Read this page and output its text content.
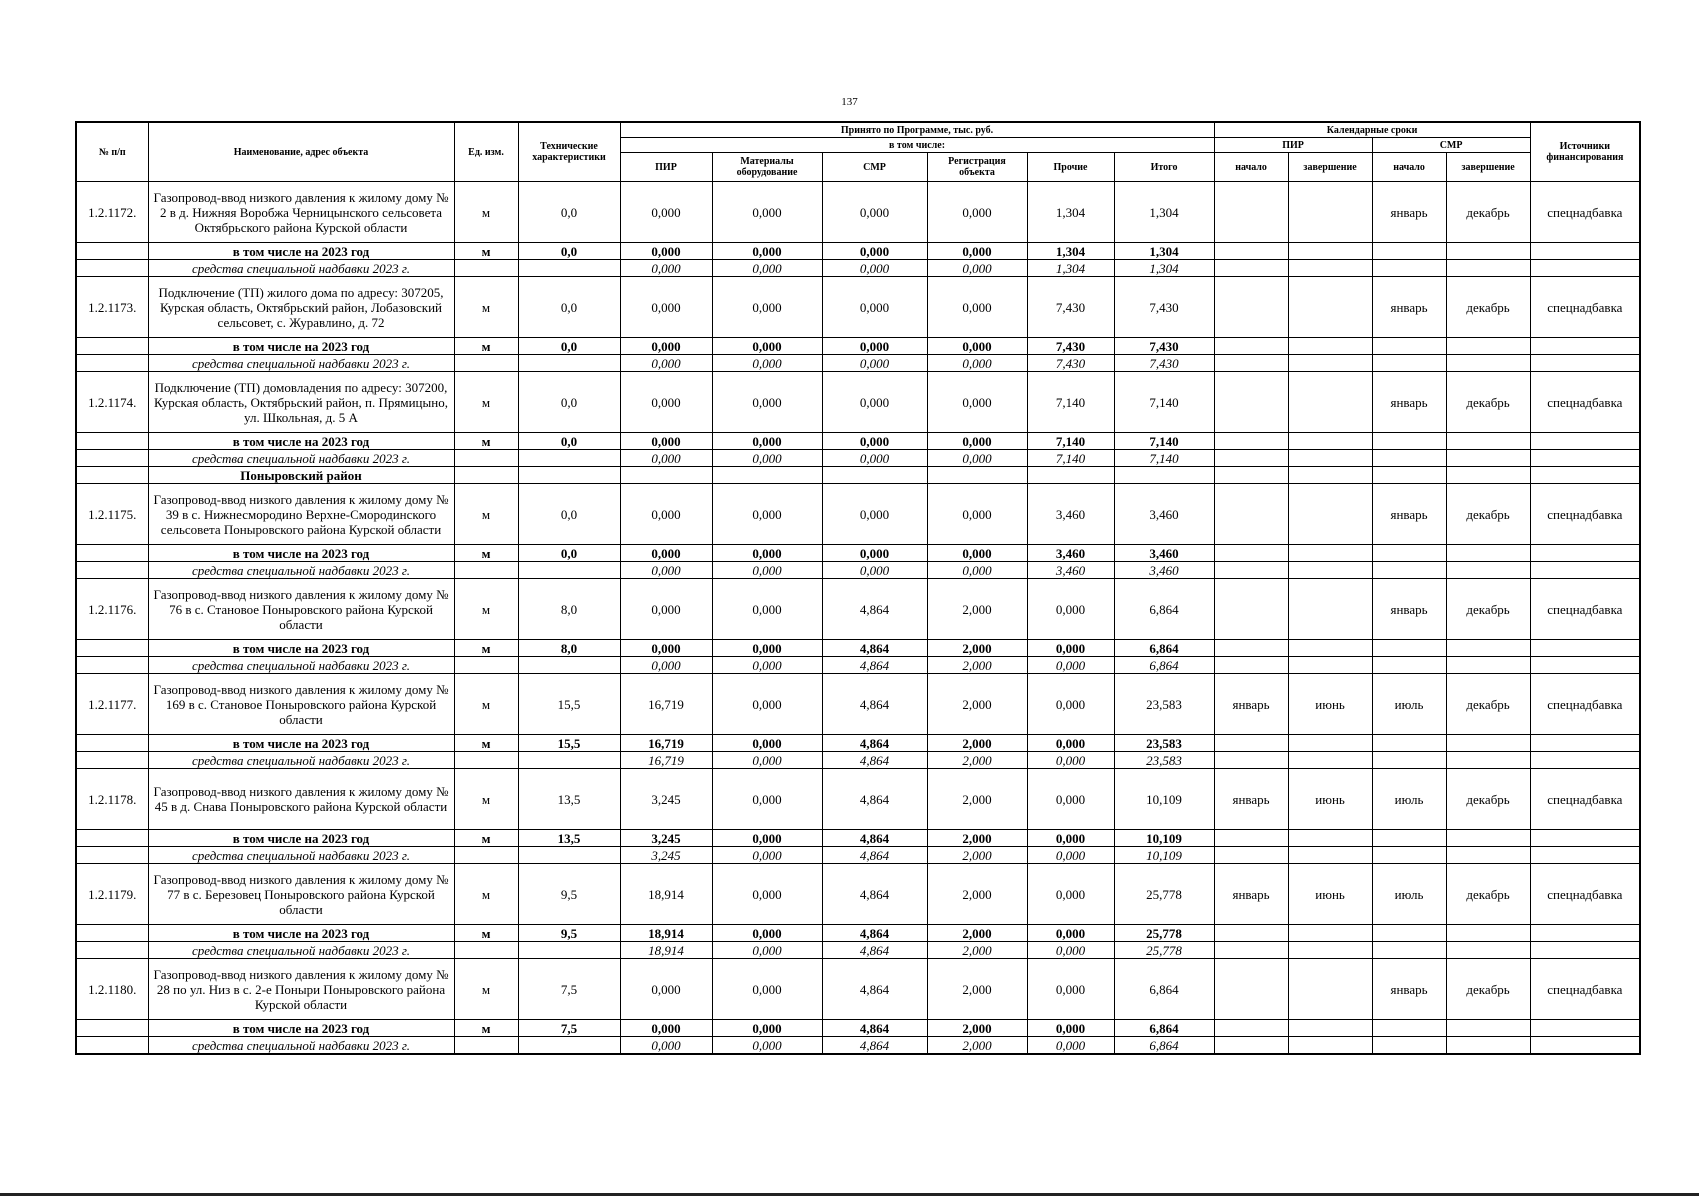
137
№ п/п	Наименование, адрес объекта	Ед. изм.	Технические характеристики	Принято по Программе, тыс. руб.						Календарные сроки				Источники финансирования
				в том числе:						ПИР		СМР		
				ПИР	Материалы оборудование	СМР	Регистрация объекта	Прочие	Итого	начало	завершение	начало	завершение	
1.2.1172.	Газопровод-ввод низкого давления к жилому дому № 2 в д. Нижняя Воробжа Черницынского сельсовета Октябрьского района Курской области	м	0,0	0,000	0,000	0,000	0,000	1,304	1,304			январь	декабрь	спецнадбавка
	в том числе на 2023 год	м	0,0	0,000	0,000	0,000	0,000	1,304	1,304					
	средства специальной надбавки 2023 г.			0,000	0,000	0,000	0,000	1,304	1,304					
1.2.1173.	Подключение (ТП) жилого дома по адресу: 307205, Курская область, Октябрьский район, Лобазовский сельсовет, с. Журавлино, д. 72	м	0,0	0,000	0,000	0,000	0,000	7,430	7,430			январь	декабрь	спецнадбавка
	в том числе на 2023 год	м	0,0	0,000	0,000	0,000	0,000	7,430	7,430					
	средства специальной надбавки 2023 г.			0,000	0,000	0,000	0,000	7,430	7,430					
1.2.1174.	Подключение (ТП) домовладения по адресу: 307200, Курская область, Октябрьский район, п. Прямицыно, ул. Школьная, д. 5 А	м	0,0	0,000	0,000	0,000	0,000	7,140	7,140			январь	декабрь	спецнадбавка
	в том числе на 2023 год	м	0,0	0,000	0,000	0,000	0,000	7,140	7,140					
	средства специальной надбавки 2023 г.			0,000	0,000	0,000	0,000	7,140	7,140					
	Поныровский район													
1.2.1175.	Газопровод-ввод низкого давления к жилому дому № 39 в с. Нижнесмородино Верхне-Смородинского сельсовета Поныровского района Курской области	м	0,0	0,000	0,000	0,000	0,000	3,460	3,460			январь	декабрь	спецнадбавка
	в том числе на 2023 год	м	0,0	0,000	0,000	0,000	0,000	3,460	3,460					
	средства специальной надбавки 2023 г.			0,000	0,000	0,000	0,000	3,460	3,460					
1.2.1176.	Газопровод-ввод низкого давления к жилому дому № 76 в с. Становое Поныровского района Курской области	м	8,0	0,000	0,000	4,864	2,000	0,000	6,864			январь	декабрь	спецнадбавка
	в том числе на 2023 год	м	8,0	0,000	0,000	4,864	2,000	0,000	6,864					
	средства специальной надбавки 2023 г.			0,000	0,000	4,864	2,000	0,000	6,864					
1.2.1177.	Газопровод-ввод низкого давления к жилому дому № 169 в с. Становое Поныровского района Курской области	м	15,5	16,719	0,000	4,864	2,000	0,000	23,583	январь	июнь	июль	декабрь	спецнадбавка
	в том числе на 2023 год	м	15,5	16,719	0,000	4,864	2,000	0,000	23,583					
	средства специальной надбавки 2023 г.			16,719	0,000	4,864	2,000	0,000	23,583					
1.2.1178.	Газопровод-ввод низкого давления к жилому дому № 45 в д. Снава Поныровского района Курской области	м	13,5	3,245	0,000	4,864	2,000	0,000	10,109	январь	июнь	июль	декабрь	спецнадбавка
	в том числе на 2023 год	м	13,5	3,245	0,000	4,864	2,000	0,000	10,109					
	средства специальной надбавки 2023 г.			3,245	0,000	4,864	2,000	0,000	10,109					
1.2.1179.	Газопровод-ввод низкого давления к жилому дому № 77 в с. Березовец Поныровского района Курской области	м	9,5	18,914	0,000	4,864	2,000	0,000	25,778	январь	июнь	июль	декабрь	спецнадбавка
	в том числе на 2023 год	м	9,5	18,914	0,000	4,864	2,000	0,000	25,778					
	средства специальной надбавки 2023 г.			18,914	0,000	4,864	2,000	0,000	25,778					
1.2.1180.	Газопровод-ввод низкого давления к жилому дому № 28 по ул. Низ в с. 2-е Поныри Поныровского района Курской области	м	7,5	0,000	0,000	4,864	2,000	0,000	6,864			январь	декабрь	спецнадбавка
	в том числе на 2023 год	м	7,5	0,000	0,000	4,864	2,000	0,000	6,864					
	средства специальной надбавки 2023 г.			0,000	0,000	4,864	2,000	0,000	6,864					
